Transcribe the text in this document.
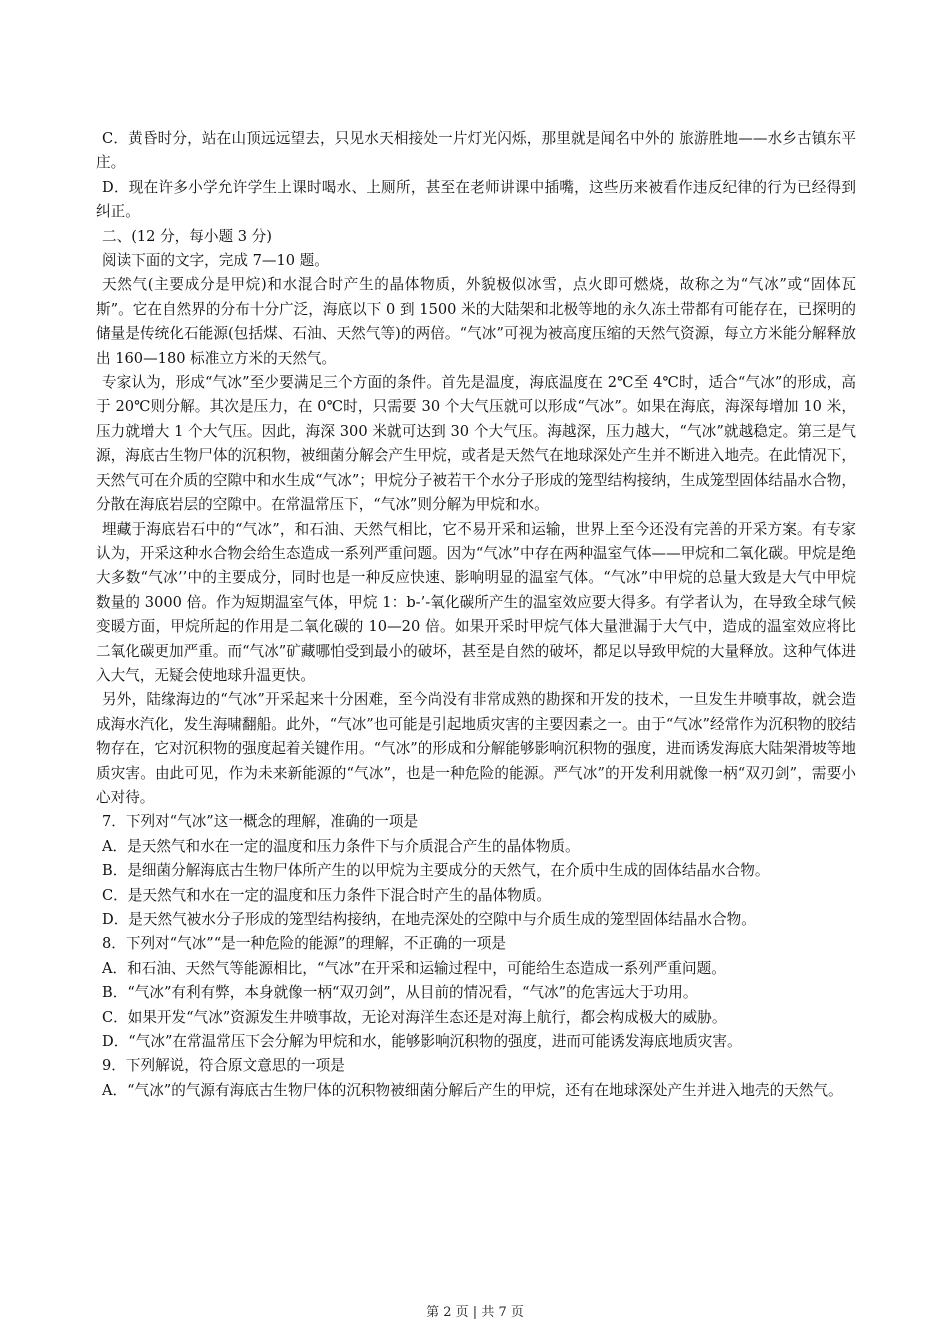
C．黄昏时分，站在山顶远远望去，只见水天相接处一片灯光闪烁，那里就是闻名中外的 旅游胜地——水乡古镇东平庄。

D．现在许多小学允许学生上课时喝水、上厕所，甚至在老师讲课中插嘴，这些历来被看作违反纪律的行为已经得到纠正。

二、(12 分，每小题 3 分)

阅读下面的文字，完成 7—10 题。

天然气(主要成分是甲烷)和水混合时产生的晶体物质，外貌极似冰雪，点火即可燃烧，故称之为“气冰”或“固体瓦斯”。它在自然界的分布十分广泛，海底以下 0 到 1500 米的大陆架和北极等地的永久冻土带都有可能存在，已探明的储量是传统化石能源(包括煤、石油、天然气等)的两倍。“气冰”可视为被高度压缩的天然气资源，每立方米能分解释放出 160—180 标准立方米的天然气。

专家认为，形成“气冰”至少要满足三个方面的条件。首先是温度，海底温度在 2℃至 4℃时，适合“气冰”的形成，高于 20℃则分解。其次是压力，在 0℃时，只需要 30 个大气压就可以形成“气冰”。如果在海底，海深每增加 10 米，压力就增大 1 个大气压。因此，海深 300 米就可达到 30 个大气压。海越深，压力越大，“气冰”就越稳定。第三是气源，海底古生物尸体的沉积物，被细菌分解会产生甲烷，或者是天然气在地球深处产生并不断进入地壳。在此情况下，天然气可在介质的空隙中和水生成“气冰”；甲烷分子被若干个水分子形成的笼型结构接纳，生成笼型固体结晶水合物，分散在海底岩层的空隙中。在常温常压下，“气冰”则分解为甲烷和水。

埋藏于海底岩石中的“气冰”，和石油、天然气相比，它不易开采和运输，世界上至今还没有完善的开采方案。有专家认为，开采这种水合物会给生态造成一系列严重问题。因为“气冰”中存在两种温室气体——甲烷和二氧化碳。甲烷是绝大多数“气冰’’中的主要成分，同时也是一种反应快速、影响明显的温室气体。“气冰”中甲烷的总量大致是大气中甲烷数量的 3000 倍。作为短期温室气体，甲烷 1：b-’-氧化碳所产生的温室效应要大得多。有学者认为，在导致全球气候变暖方面，甲烷所起的作用是二氧化碳的 10—20 倍。如果开采时甲烷气体大量泄漏于大气中，造成的温室效应将比二氧化碳更加严重。而“气冰”矿藏哪怕受到最小的破坏，甚至是自然的破坏，都足以导致甲烷的大量释放。这种气体进入大气，无疑会使地球升温更快。

另外，陆缘海边的“气冰”开采起来十分困难，至今尚没有非常成熟的勘探和开发的技术，一旦发生井喷事故，就会造成海水汽化，发生海啸翻船。此外，“气冰”也可能是引起地质灾害的主要因素之一。由于“气冰”经常作为沉积物的胶结物存在，它对沉积物的强度起着关键作用。“气冰”的形成和分解能够影响沉积物的强度，进而诱发海底大陆架滑坡等地质灾害。由此可见，作为未来新能源的“气冰”，也是一种危险的能源。严气冰”的开发利用就像一柄“双刃剑”，需要小心对待。

7．下列对“气冰”这一概念的理解，准确的一项是

A．是天然气和水在一定的温度和压力条件下与介质混合产生的晶体物质。

B．是细菌分解海底古生物尸体所产生的以甲烷为主要成分的天然气，在介质中生成的固体结晶水合物。

C．是天然气和水在一定的温度和压力条件下混合时产生的晶体物质。

D．是天然气被水分子形成的笼型结构接纳，在地壳深处的空隙中与介质生成的笼型固体结晶水合物。

8．下列对“气冰”“是一种危险的能源”的理解，不正确的一项是

A．和石油、天然气等能源相比，“气冰”在开采和运输过程中，可能给生态造成一系列严重问题。

B．“气冰”有利有弊，本身就像一柄“双刃剑”，从目前的情况看，“气冰”的危害远大于功用。

C．如果开发“气冰”资源发生井喷事故，无论对海洋生态还是对海上航行，都会构成极大的威胁。

D．“气冰”在常温常压下会分解为甲烷和水，能够影响沉积物的强度，进而可能诱发海底地质灾害。

9．下列解说，符合原文意思的一项是

A．“气冰”的气源有海底古生物尸体的沉积物被细菌分解后产生的甲烷，还有在地球深处产生并进入地壳的天然气。

第 2 页 | 共 7 页
